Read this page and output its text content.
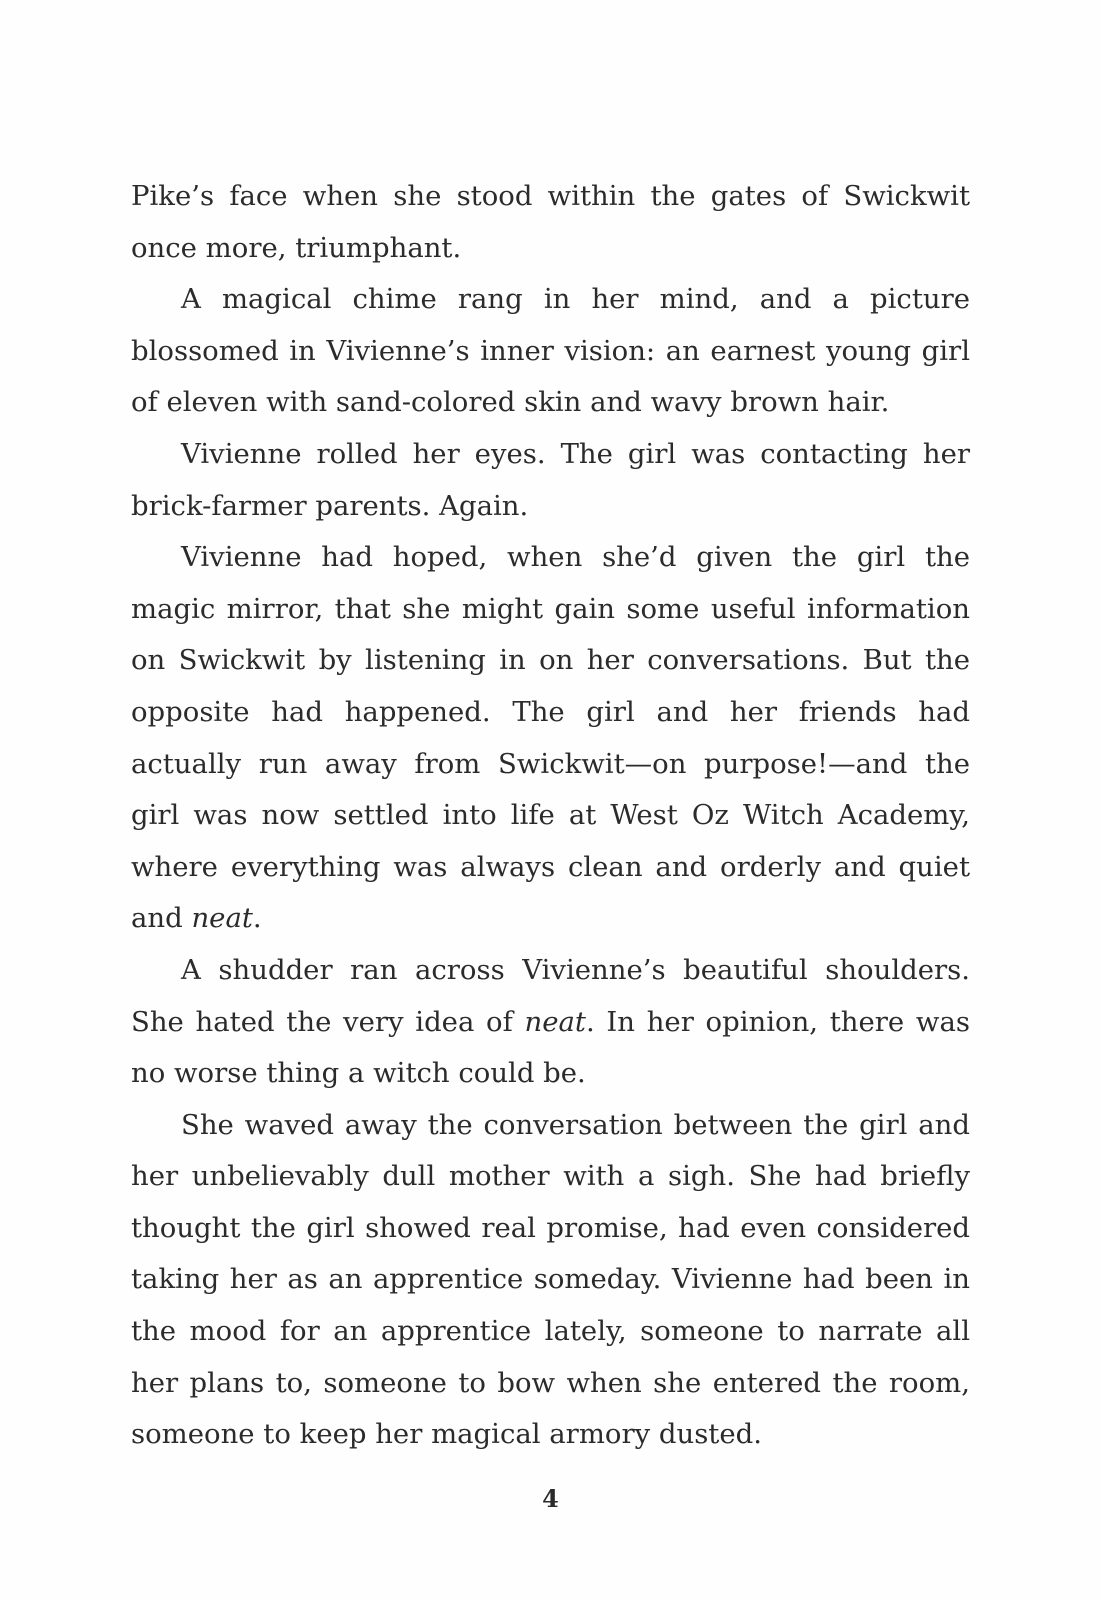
Pike’s face when she stood within the gates of Swickwit once more, triumphant.

A magical chime rang in her mind, and a picture blossomed in Vivienne’s inner vision: an earnest young girl of eleven with sand-colored skin and wavy brown hair.

Vivienne rolled her eyes. The girl was contacting her brick-farmer parents. Again.

Vivienne had hoped, when she’d given the girl the magic mirror, that she might gain some useful information on Swickwit by listening in on her conversations. But the opposite had happened. The girl and her friends had actually run away from Swickwit—on purpose!—and the girl was now settled into life at West Oz Witch Academy, where everything was always clean and orderly and quiet and neat.

A shudder ran across Vivienne’s beautiful shoulders. She hated the very idea of neat. In her opinion, there was no worse thing a witch could be.

She waved away the conversation between the girl and her unbelievably dull mother with a sigh. She had briefly thought the girl showed real promise, had even considered taking her as an apprentice someday. Vivienne had been in the mood for an apprentice lately, someone to narrate all her plans to, someone to bow when she entered the room, someone to keep her magical armory dusted.

4
